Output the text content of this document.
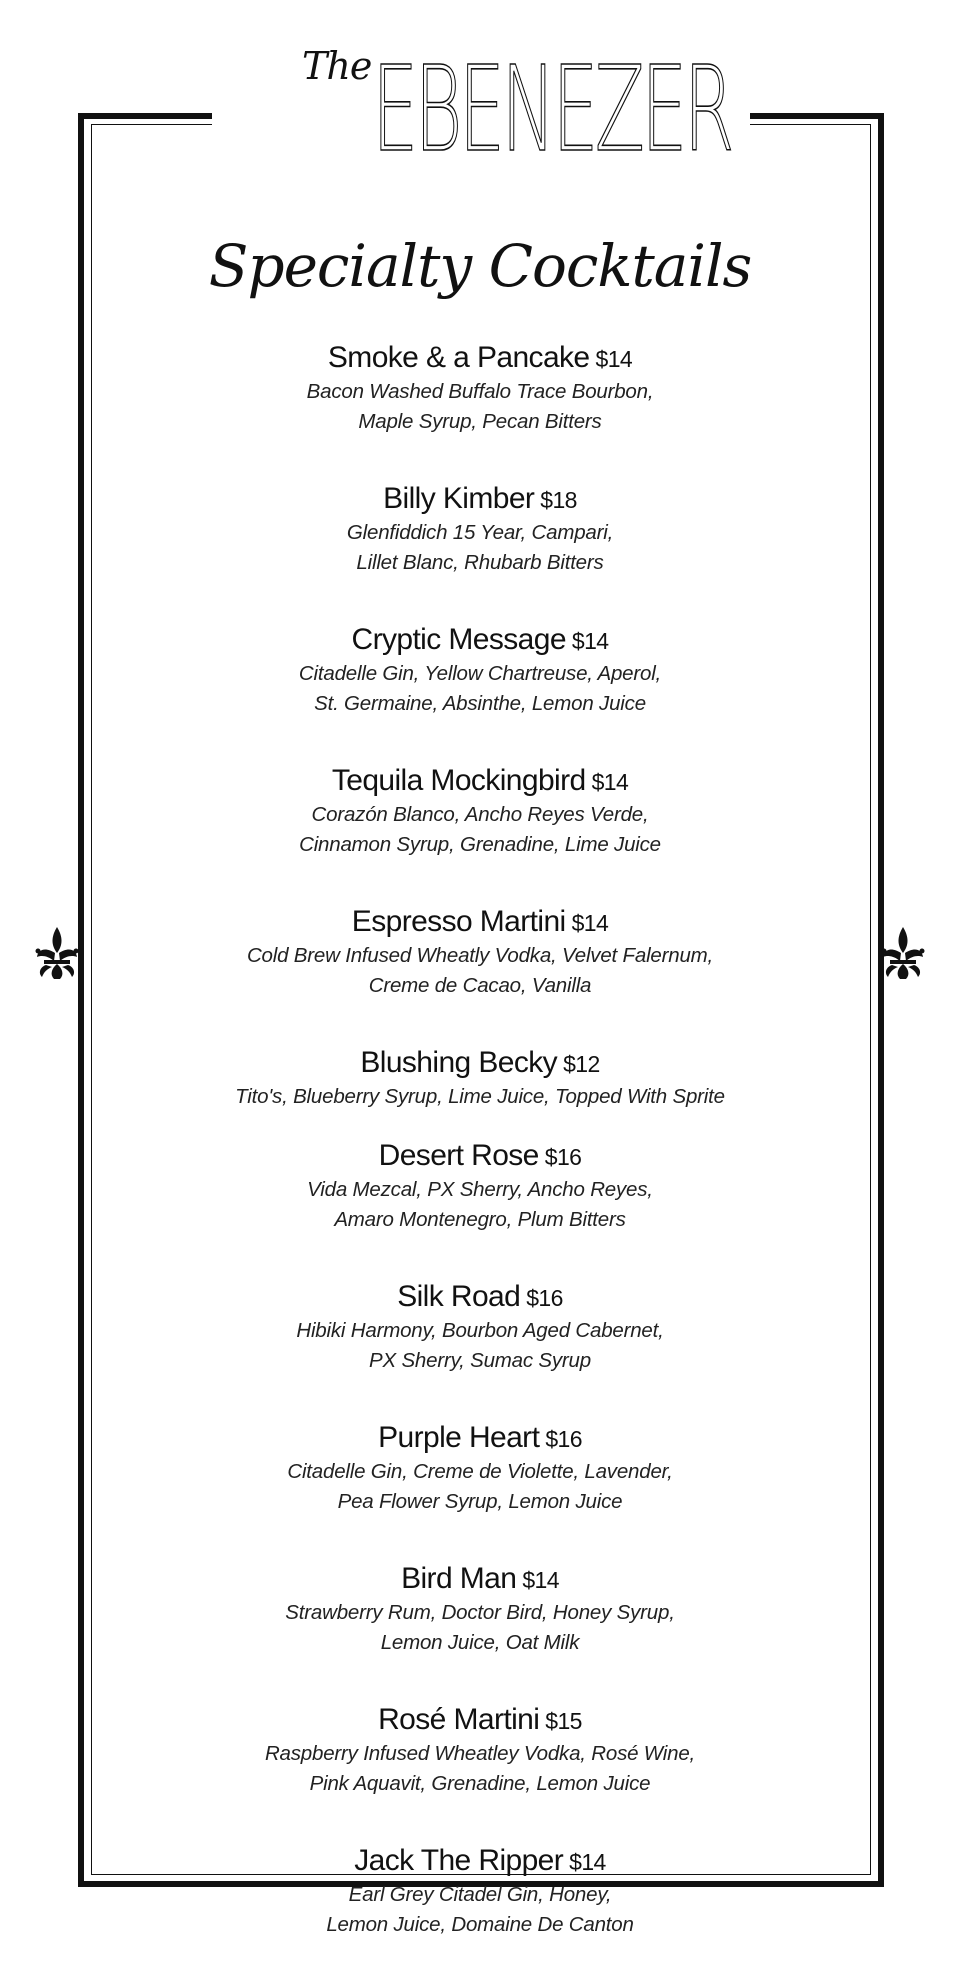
The EBENEZER
Specialty Cocktails
Smoke & a Pancake $14
Bacon Washed Buffalo Trace Bourbon,
Maple Syrup, Pecan Bitters
Billy Kimber $18
Glenfiddich 15 Year, Campari,
Lillet Blanc, Rhubarb Bitters
Cryptic Message $14
Citadelle Gin, Yellow Chartreuse, Aperol,
St. Germaine, Absinthe, Lemon Juice
Tequila Mockingbird $14
Corazón Blanco, Ancho Reyes Verde,
Cinnamon Syrup, Grenadine, Lime Juice
Espresso Martini $14
Cold Brew Infused Wheatly Vodka, Velvet Falernum,
Creme de Cacao, Vanilla
Blushing Becky $12
Tito's, Blueberry Syrup, Lime Juice, Topped With Sprite
Desert Rose $16
Vida Mezcal, PX Sherry, Ancho Reyes,
Amaro Montenegro, Plum Bitters
Silk Road $16
Hibiki Harmony, Bourbon Aged Cabernet,
PX Sherry, Sumac Syrup
Purple Heart $16
Citadelle Gin, Creme de Violette, Lavender,
Pea Flower Syrup, Lemon Juice
Bird Man $14
Strawberry Rum, Doctor Bird, Honey Syrup,
Lemon Juice, Oat Milk
Rosé Martini $15
Raspberry Infused Wheatley Vodka, Rosé Wine,
Pink Aquavit, Grenadine, Lemon Juice
Jack The Ripper $14
Earl Grey Citadel Gin, Honey,
Lemon Juice, Domaine De Canton
